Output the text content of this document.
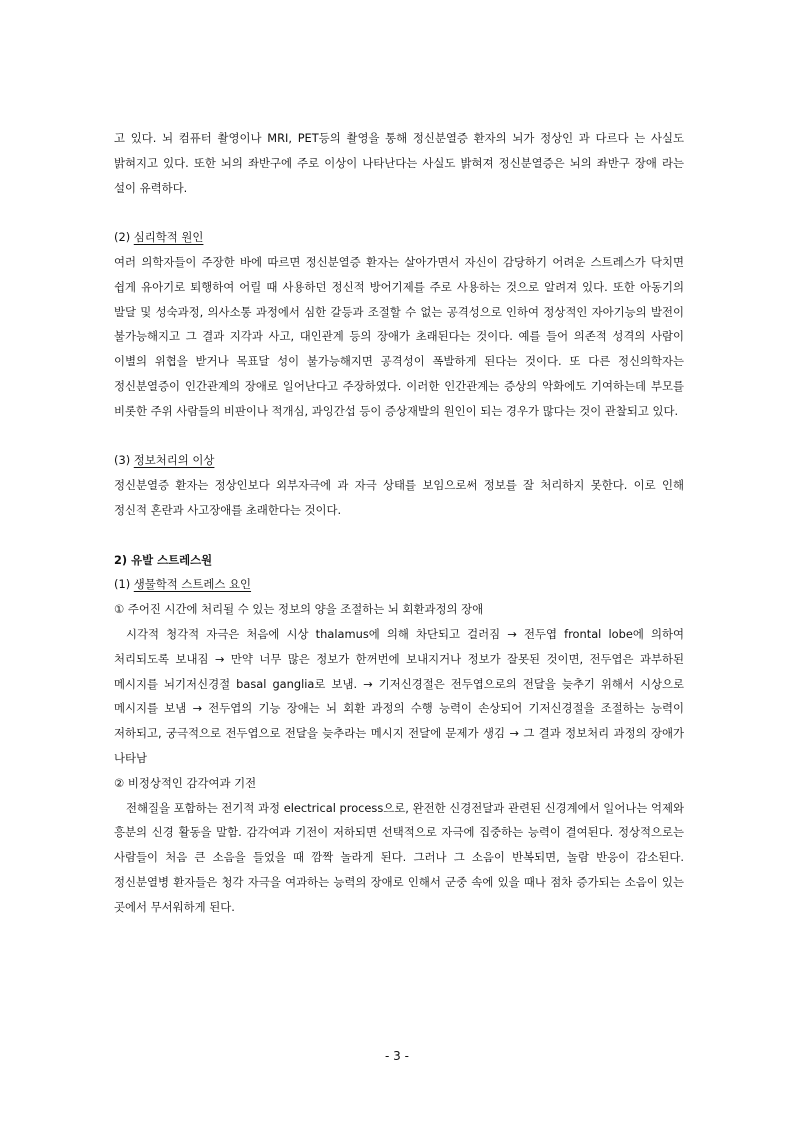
고 있다. 뇌 컴퓨터 촬영이나 MRI, PET등의 촬영을 통해 정신분열증 환자의 뇌가 정상인 과 다르다 는 사실도 밝혀지고 있다. 또한 뇌의 좌반구에 주로 이상이 나타난다는 사실도 밝혀져 정신분열증은 뇌의 좌반구 장애 라는 설이 유력하다.

(2) 심리학적 원인

여러 의학자들이 주장한 바에 따르면 정신분열증 환자는 살아가면서 자신이 감당하기 어려운 스트레스가 닥치면 쉽게 유아기로 퇴행하여 어릴 때 사용하던 정신적 방어기제를 주로 사용하는 것으로 알려져 있다. 또한 아동기의 발달 및 성숙과정, 의사소통 과정에서 심한 갈등과 조절할 수 없는 공격성으로 인하여 정상적인 자아기능의 발전이 불가능해지고 그 결과 지각과 사고, 대인관계 등의 장애가 초래된다는 것이다. 예를 들어 의존적 성격의 사람이 이별의 위협을 받거나 목표달 성이 불가능해지면 공격성이 폭발하게 된다는 것이다. 또 다른 정신의학자는 정신분열증이 인간관계의 장애로 일어난다고 주장하였다. 이러한 인간관계는 증상의 악화에도 기여하는데 부모를 비롯한 주위 사람들의 비판이나 적개심, 과잉간섭 등이 증상재발의 원인이 되는 경우가 많다는 것이 관찰되고 있다.

(3) 정보처리의 이상

정신분열증 환자는 정상인보다 외부자극에 과 자극 상태를 보임으로써 정보를 잘 처리하지 못한다. 이로 인해 정신적 혼란과 사고장애를 초래한다는 것이다.

2) 유발 스트레스원

(1) 생물학적 스트레스 요인

① 주어진 시간에 처리될 수 있는 정보의 양을 조절하는 뇌 회환과정의 장애

시각적 청각적 자극은 처음에 시상 thalamus에 의해 차단되고 걸러짐 → 전두엽 frontal lobe에 의하여 처리되도록 보내짐 → 만약 너무 많은 정보가 한꺼번에 보내지거나 정보가 잘못된 것이면, 전두엽은 과부하된 메시지를 뇌기저신경절 basal ganglia로 보냄. → 기저신경절은 전두엽으로의 전달을 늦추기 위해서 시상으로 메시지를 보냄 → 전두엽의 기능 장애는 뇌 회환 과정의 수행 능력이 손상되어 기저신경절을 조절하는 능력이 저하되고, 궁극적으로 전두엽으로 전달을 늦추라는 메시지 전달에 문제가 생김 → 그 결과 정보처리 과정의 장애가 나타남

② 비정상적인 감각여과 기전

전해질을 포함하는 전기적 과정 electrical process으로, 완전한 신경전달과 관련된 신경계에서 일어나는 억제와 흥분의 신경 활동을 말함. 감각여과 기전이 저하되면 선택적으로 자극에 집중하는 능력이 결여된다. 정상적으로는 사람들이 처음 큰 소음을 들었을 때 깜짝 놀라게 된다. 그러나 그 소음이 반복되면, 놀람 반응이 감소된다. 정신분열병 환자들은 청각 자극을 여과하는 능력의 장애로 인해서 군중 속에 있을 때나 점차 증가되는 소음이 있는 곳에서 무서워하게 된다.

- 3 -
